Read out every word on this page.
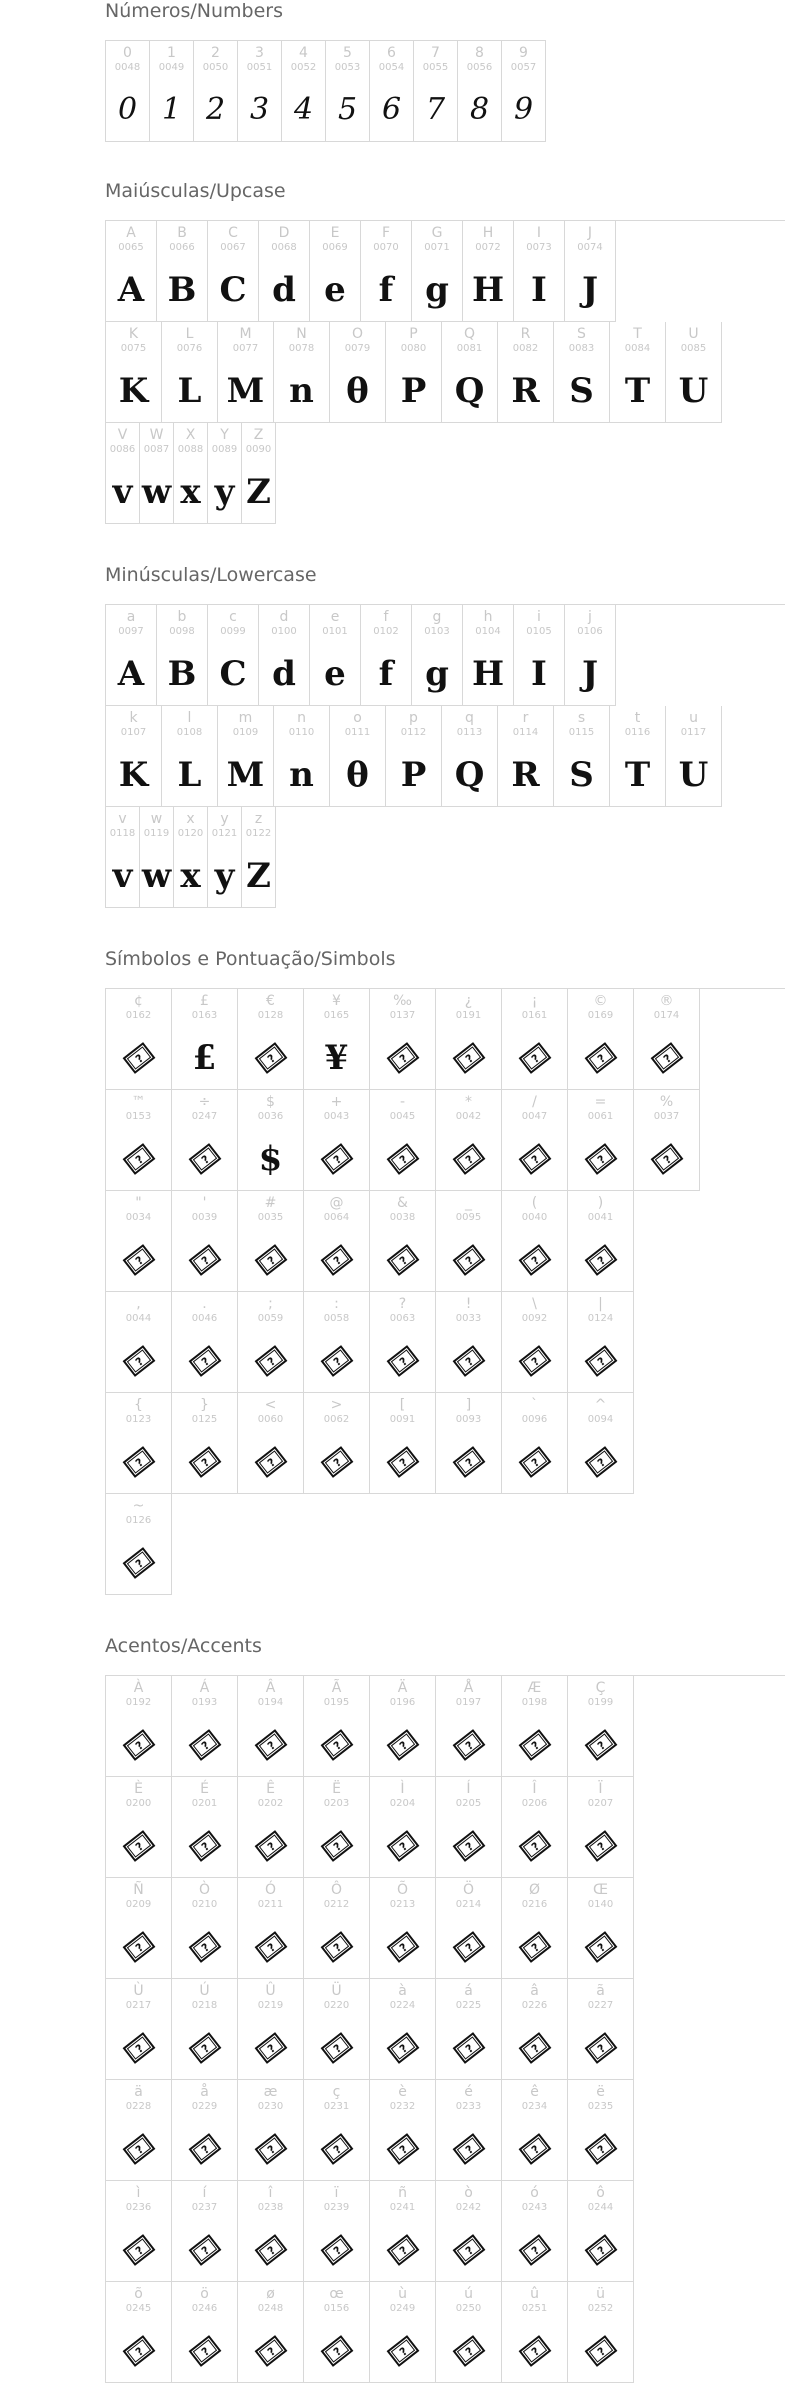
Números/Numbers
0
0048
0
1
0049
1
2
0050
2
3
0051
3
4
0052
4
5
0053
5
6
0054
6
7
0055
7
8
0056
8
9
0057
9
Maiúsculas/Upcase
A
0065
A
B
0066
B
C
0067
C
D
0068
d
E
0069
e
F
0070
f
G
0071
g
H
0072
H
I
0073
I
J
0074
J
K
0075
K
L
0076
L
M
0077
M
N
0078
n
O
0079
θ
P
0080
P
Q
0081
Q
R
0082
R
S
0083
S
T
0084
T
U
0085
U
V
0086
v
W
0087
w
X
0088
x
Y
0089
y
Z
0090
Z
Minúsculas/Lowercase
a
0097
A
b
0098
B
c
0099
C
d
0100
d
e
0101
e
f
0102
f
g
0103
g
h
0104
H
i
0105
I
j
0106
J
k
0107
K
l
0108
L
m
0109
M
n
0110
n
o
0111
θ
p
0112
P
q
0113
Q
r
0114
R
s
0115
S
t
0116
T
u
0117
U
v
0118
v
w
0119
w
x
0120
x
y
0121
y
z
0122
Z
Símbolos e Pontuação/Simbols
¢
0162
?
£
0163
£
€
0128
?
¥
0165
¥
‰
0137
?
¿
0191
?
¡
0161
?
©
0169
?
®
0174
?
™
0153
?
÷
0247
?
$
0036
$
+
0043
?
-
0045
?
*
0042
?
/
0047
?
=
0061
?
%
0037
?
"
0034
?
'
0039
?
#
0035
?
@
0064
?
&
0038
?
_
0095
?
(
0040
?
)
0041
?
,
0044
?
.
0046
?
;
0059
?
:
0058
?
?
0063
?
!
0033
?
\
0092
?
|
0124
?
{
0123
?
}
0125
?
<
0060
?
>
0062
?
[
0091
?
]
0093
?
`
0096
?
^
0094
?
~
0126
?
Acentos/Accents
À
0192
?
Á
0193
?
Â
0194
?
Ã
0195
?
Ä
0196
?
Å
0197
?
Æ
0198
?
Ç
0199
?
È
0200
?
É
0201
?
Ê
0202
?
Ë
0203
?
Ì
0204
?
Í
0205
?
Î
0206
?
Ï
0207
?
Ñ
0209
?
Ò
0210
?
Ó
0211
?
Ô
0212
?
Õ
0213
?
Ö
0214
?
Ø
0216
?
Œ
0140
?
Ù
0217
?
Ú
0218
?
Û
0219
?
Ü
0220
?
à
0224
?
á
0225
?
â
0226
?
ã
0227
?
ä
0228
?
å
0229
?
æ
0230
?
ç
0231
?
è
0232
?
é
0233
?
ê
0234
?
ë
0235
?
ì
0236
?
í
0237
?
î
0238
?
ï
0239
?
ñ
0241
?
ò
0242
?
ó
0243
?
ô
0244
?
õ
0245
?
ö
0246
?
ø
0248
?
œ
0156
?
ù
0249
?
ú
0250
?
û
0251
?
ü
0252
?
